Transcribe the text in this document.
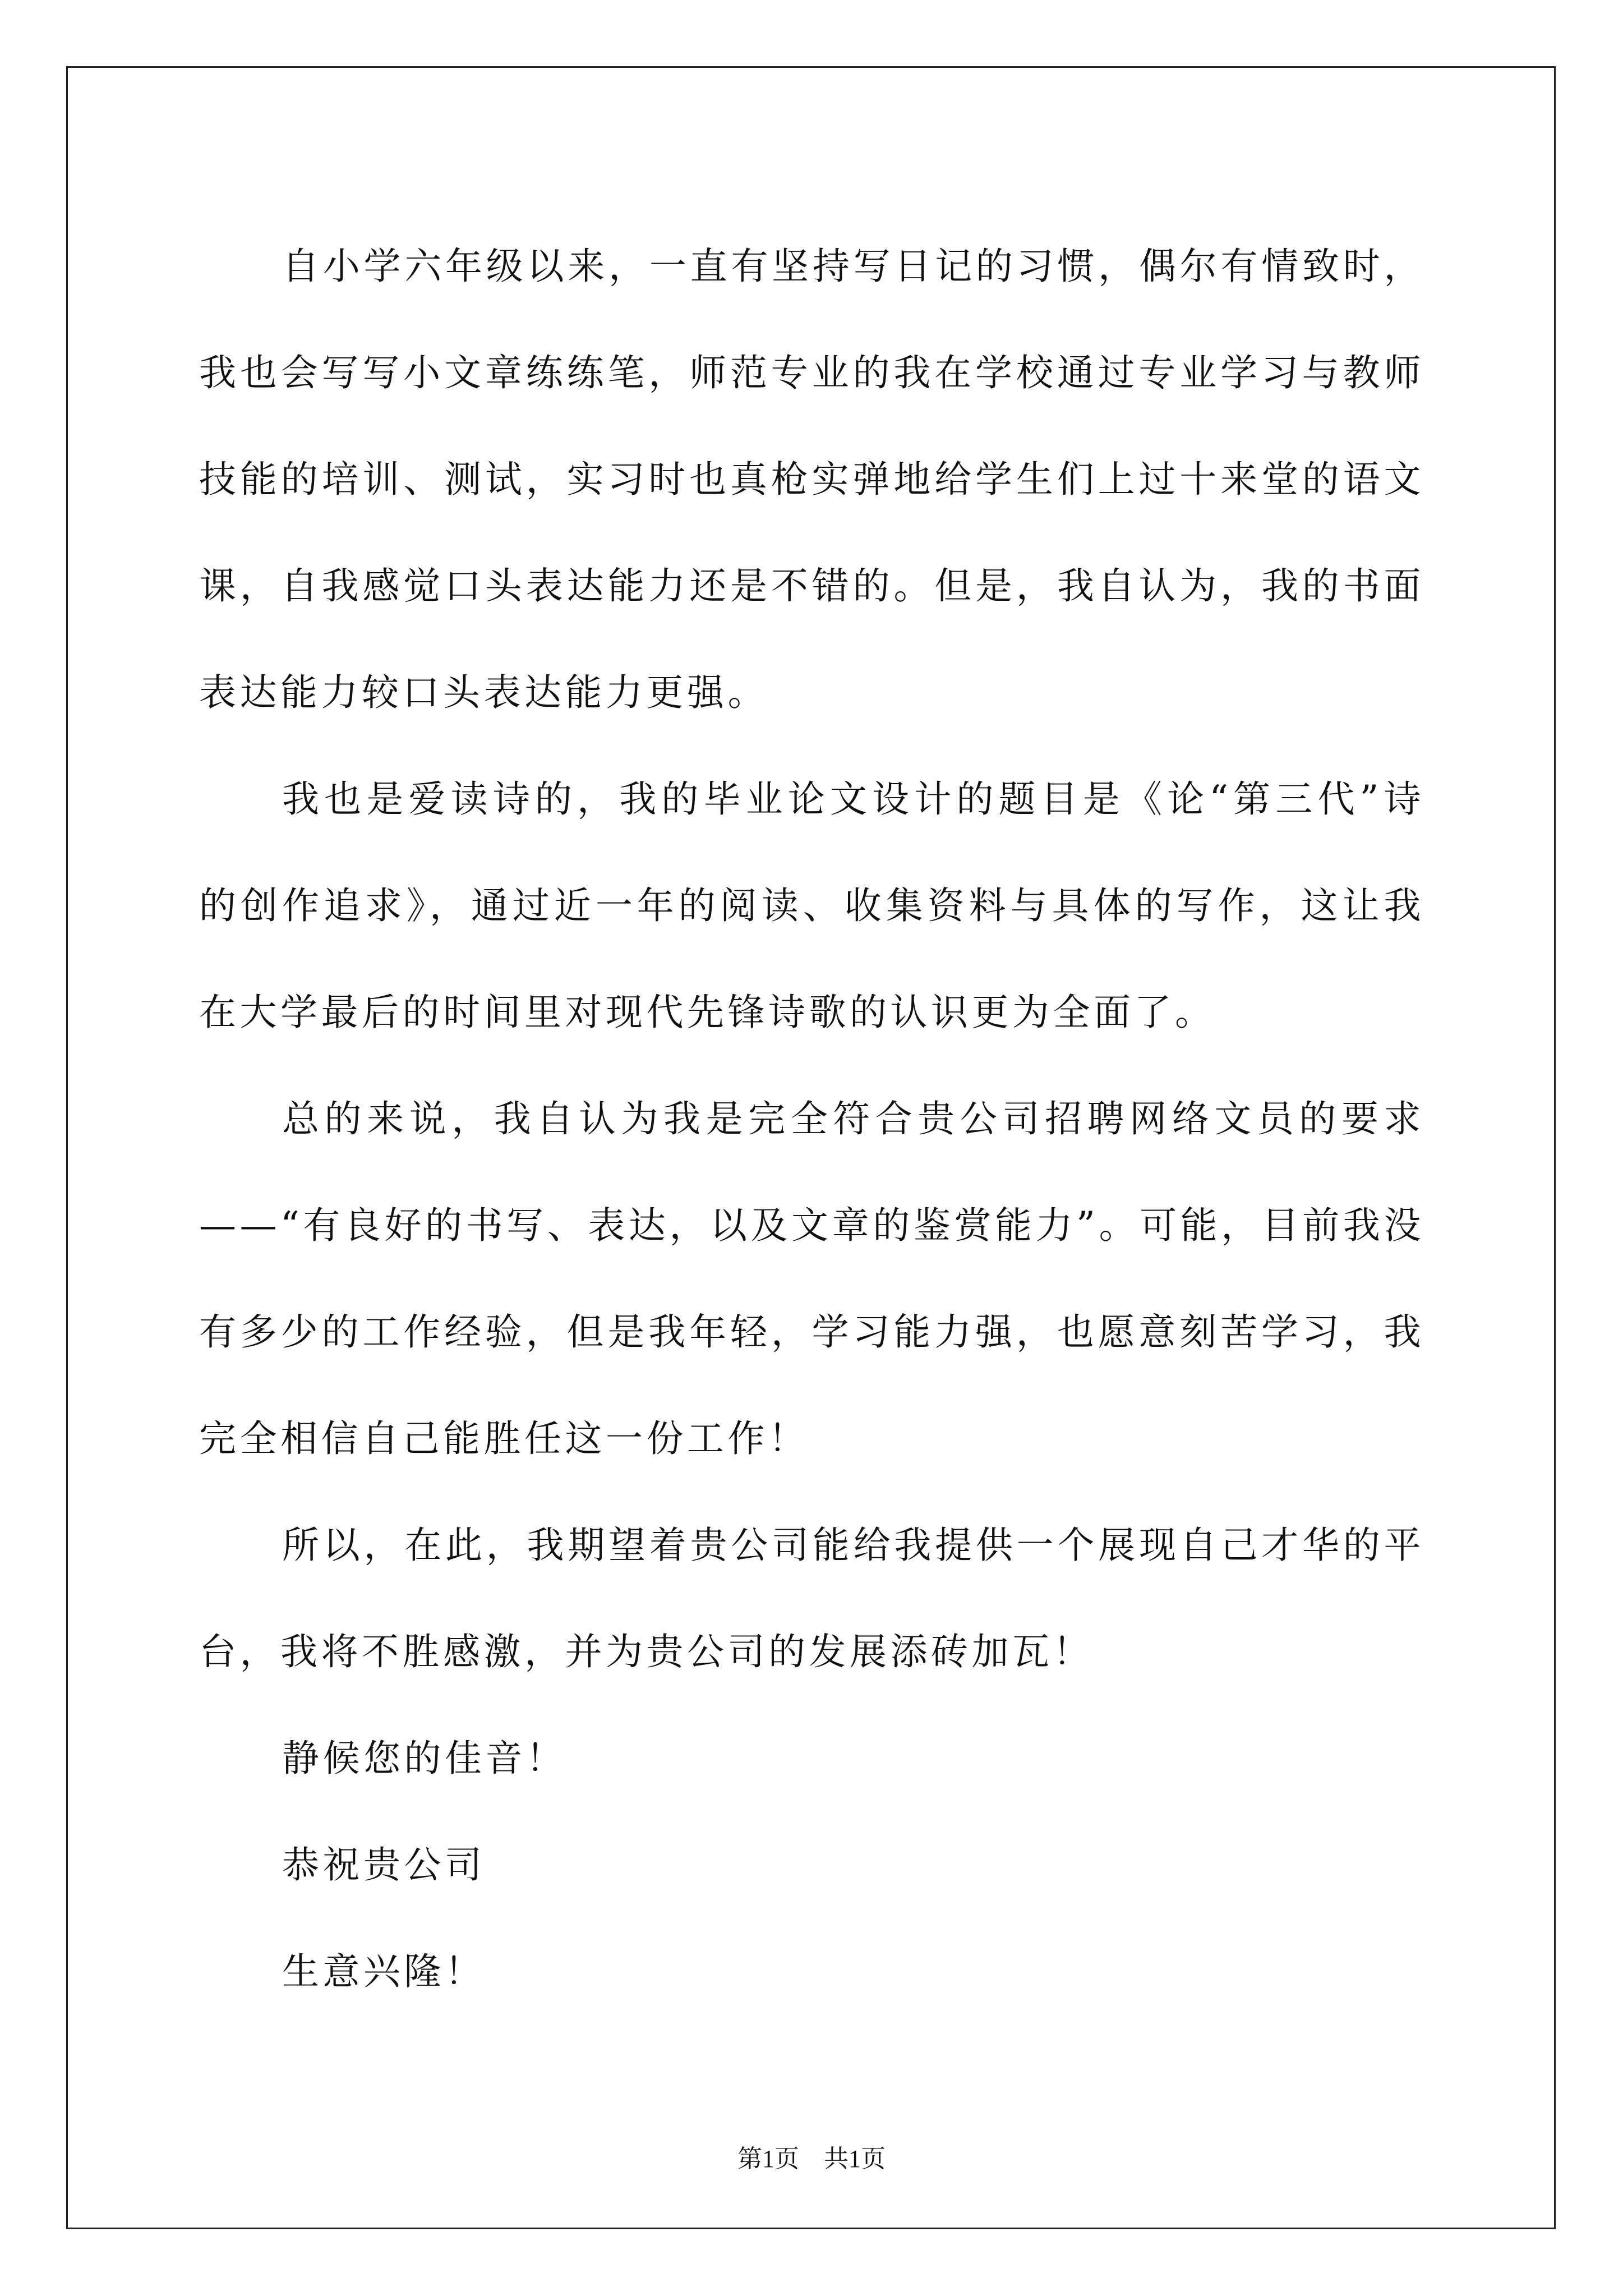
自小学六年级以来，一直有坚持写日记的习惯，偶尔有情致时，我也会写写小文章练练笔，师范专业的我在学校通过专业学习与教师技能的培训、测试，实习时也真枪实弹地给学生们上过十来堂的语文课，自我感觉口头表达能力还是不错的。但是，我自认为，我的书面表达能力较口头表达能力更强。

我也是爱读诗的，我的毕业论文设计的题目是《论“第三代”诗的创作追求》，通过近一年的阅读、收集资料与具体的写作，这让我在大学最后的时间里对现代先锋诗歌的认识更为全面了。

总的来说，我自认为我是完全符合贵公司招聘网络文员的要求——“有良好的书写、表达，以及文章的鉴赏能力”。可能，目前我没有多少的工作经验，但是我年轻，学习能力强，也愿意刻苦学习，我完全相信自己能胜任这一份工作！

所以，在此，我期望着贵公司能给我提供一个展现自己才华的平台，我将不胜感激，并为贵公司的发展添砖加瓦！

静候您的佳音！

恭祝贵公司

生意兴隆！

第1页　共1页
